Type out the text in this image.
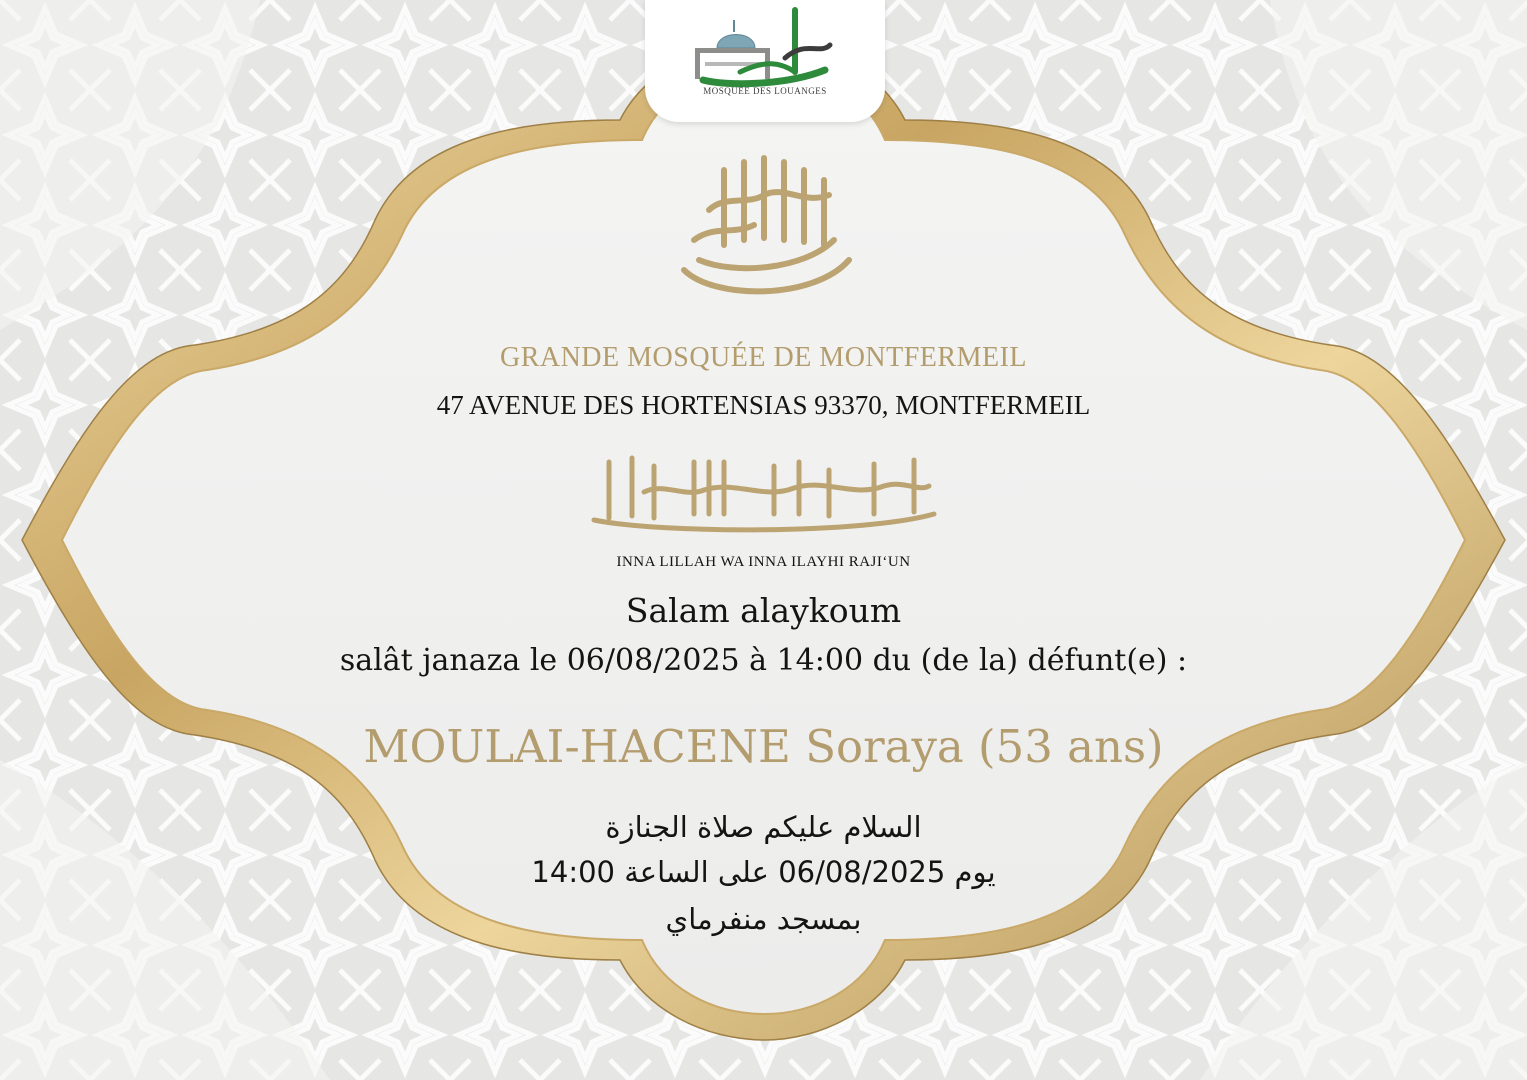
MOSQUÉE DES LOUANGES
بسم الله الرحمن الرحيم

GRANDE MOSQUÉE DE MONTFERMEIL

47 AVENUE DES HORTENSIAS 93370, MONTFERMEIL

إنا لله وإنا إليه راجعون

INNA LILLAH WA INNA ILAYHI RAJI‘UN

Salam alaykoum

salât janaza le 06/08/2025 à 14:00 du (de la) défunt(e) :

MOULAI-HACENE Soraya (53 ans)

السلام عليكم صلاة الجنازة

يوم 06/08/2025 على الساعة 14:00

بمسجد منفرماي
